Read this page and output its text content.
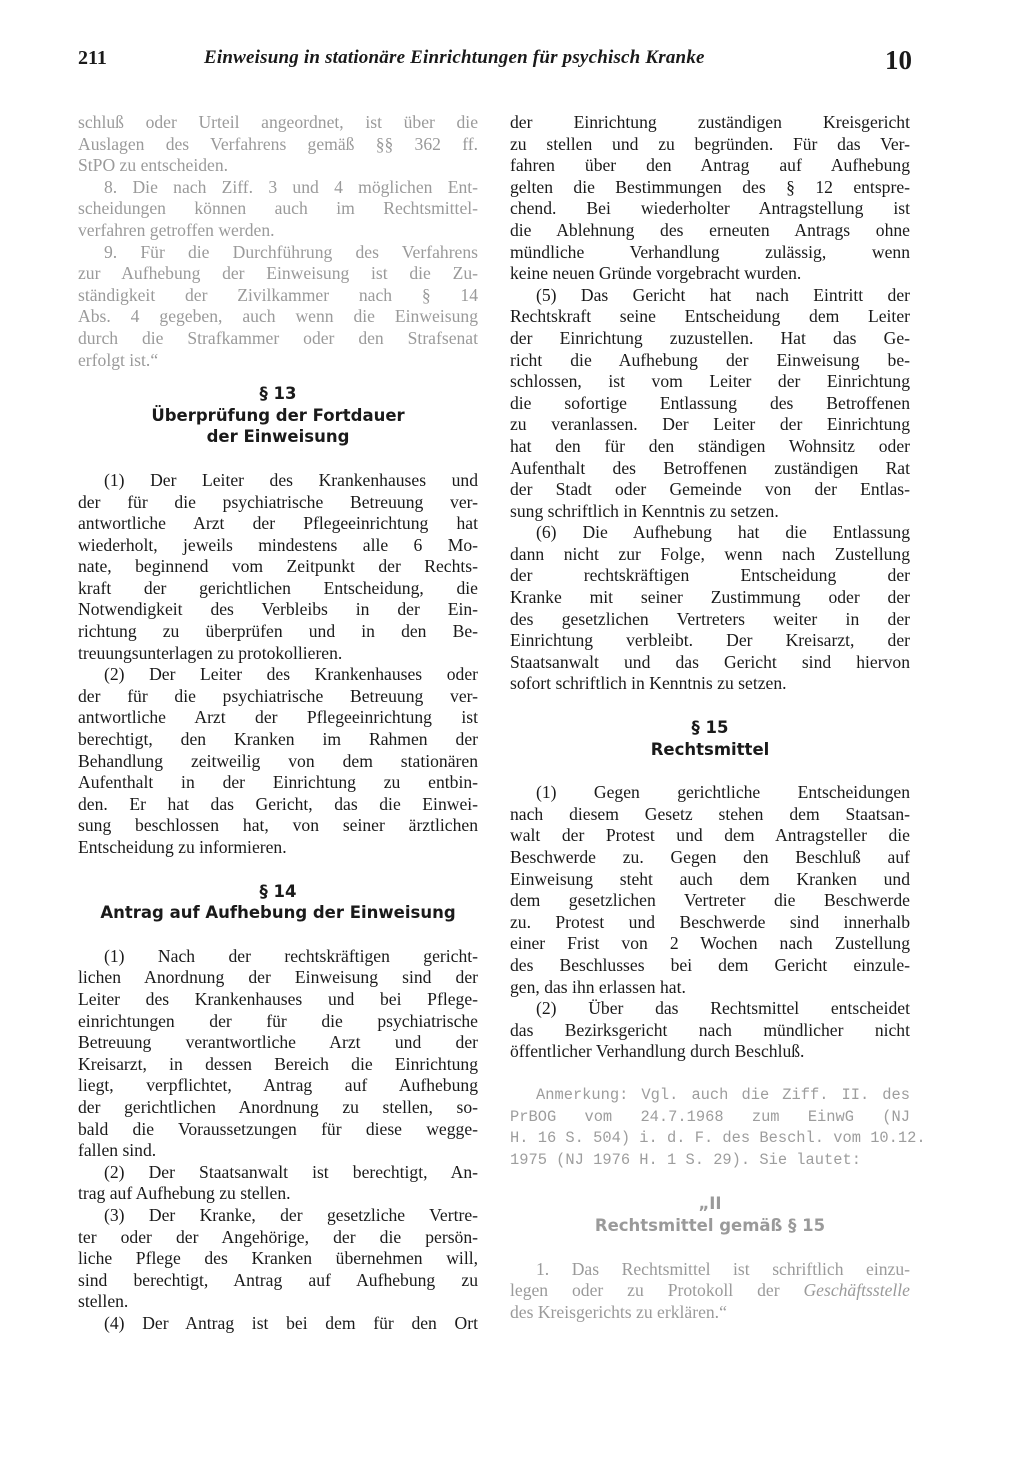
211	Einweisung in stationäre Einrichtungen für psychisch Kranke	10
schluß oder Urteil angeordnet, ist über die
Auslagen des Verfahrens gemäß §§ 362 ff.
StPO zu entscheiden.
8. Die nach Ziff. 3 und 4 möglichen Ent-
scheidungen können auch im Rechtsmittel-
verfahren getroffen werden.
9. Für die Durchführung des Verfahrens
zur Aufhebung der Einweisung ist die Zu-
ständigkeit der Zivilkammer nach § 14
Abs. 4 gegeben, auch wenn die Einweisung
durch die Strafkammer oder den Strafsenat
erfolgt ist.“
§ 13
Überprüfung der Fortdauer
der Einweisung
(1) Der Leiter des Krankenhauses und
der für die psychiatrische Betreuung ver-
antwortliche Arzt der Pflegeeinrichtung hat
wiederholt, jeweils mindestens alle 6 Mo-
nate, beginnend vom Zeitpunkt der Rechts-
kraft der gerichtlichen Entscheidung, die
Notwendigkeit des Verbleibs in der Ein-
richtung zu überprüfen und in den Be-
treuungsunterlagen zu protokollieren.
(2) Der Leiter des Krankenhauses oder
der für die psychiatrische Betreuung ver-
antwortliche Arzt der Pflegeeinrichtung ist
berechtigt, den Kranken im Rahmen der
Behandlung zeitweilig von dem stationären
Aufenthalt in der Einrichtung zu entbin-
den. Er hat das Gericht, das die Einwei-
sung beschlossen hat, von seiner ärztlichen
Entscheidung zu informieren.
§ 14
Antrag auf Aufhebung der Einweisung
(1) Nach der rechtskräftigen gericht-
lichen Anordnung der Einweisung sind der
Leiter des Krankenhauses und bei Pflege-
einrichtungen der für die psychiatrische
Betreuung verantwortliche Arzt und der
Kreisarzt, in dessen Bereich die Einrichtung
liegt, verpflichtet, Antrag auf Aufhebung
der gerichtlichen Anordnung zu stellen, so-
bald die Voraussetzungen für diese wegge-
fallen sind.
(2) Der Staatsanwalt ist berechtigt, An-
trag auf Aufhebung zu stellen.
(3) Der Kranke, der gesetzliche Vertre-
ter oder der Angehörige, der die persön-
liche Pflege des Kranken übernehmen will,
sind berechtigt, Antrag auf Aufhebung zu
stellen.
(4) Der Antrag ist bei dem für den Ort
der Einrichtung zuständigen Kreisgericht
zu stellen und zu begründen. Für das Ver-
fahren über den Antrag auf Aufhebung
gelten die Bestimmungen des § 12 entspre-
chend. Bei wiederholter Antragstellung ist
die Ablehnung des erneuten Antrags ohne
mündliche Verhandlung zulässig, wenn
keine neuen Gründe vorgebracht wurden.
(5) Das Gericht hat nach Eintritt der
Rechtskraft seine Entscheidung dem Leiter
der Einrichtung zuzustellen. Hat das Ge-
richt die Aufhebung der Einweisung be-
schlossen, ist vom Leiter der Einrichtung
die sofortige Entlassung des Betroffenen
zu veranlassen. Der Leiter der Einrichtung
hat den für den ständigen Wohnsitz oder
Aufenthalt des Betroffenen zuständigen Rat
der Stadt oder Gemeinde von der Entlas-
sung schriftlich in Kenntnis zu setzen.
(6) Die Aufhebung hat die Entlassung
dann nicht zur Folge, wenn nach Zustellung
der rechtskräftigen Entscheidung der
Kranke mit seiner Zustimmung oder der
des gesetzlichen Vertreters weiter in der
Einrichtung verbleibt. Der Kreisarzt, der
Staatsanwalt und das Gericht sind hiervon
sofort schriftlich in Kenntnis zu setzen.
§ 15
Rechtsmittel
(1) Gegen gerichtliche Entscheidungen
nach diesem Gesetz stehen dem Staatsan-
walt der Protest und dem Antragsteller die
Beschwerde zu. Gegen den Beschluß auf
Einweisung steht auch dem Kranken und
dem gesetzlichen Vertreter die Beschwerde
zu. Protest und Beschwerde sind innerhalb
einer Frist von 2 Wochen nach Zustellung
des Beschlusses bei dem Gericht einzule-
gen, das ihn erlassen hat.
(2) Über das Rechtsmittel entscheidet
das Bezirksgericht nach mündlicher nicht
öffentlicher Verhandlung durch Beschluß.
Anmerkung: Vgl. auch die Ziff. II. des
PrBOG vom 24.7.1968 zum EinwG (NJ
H. 16 S. 504) i. d. F. des Beschl. vom 10.12.
1975 (NJ 1976 H. 1 S. 29). Sie lautet:
„II
Rechtsmittel gemäß § 15
1. Das Rechtsmittel ist schriftlich einzu-
legen oder zu Protokoll der Geschäftsstelle
des Kreisgerichts zu erklären.“
